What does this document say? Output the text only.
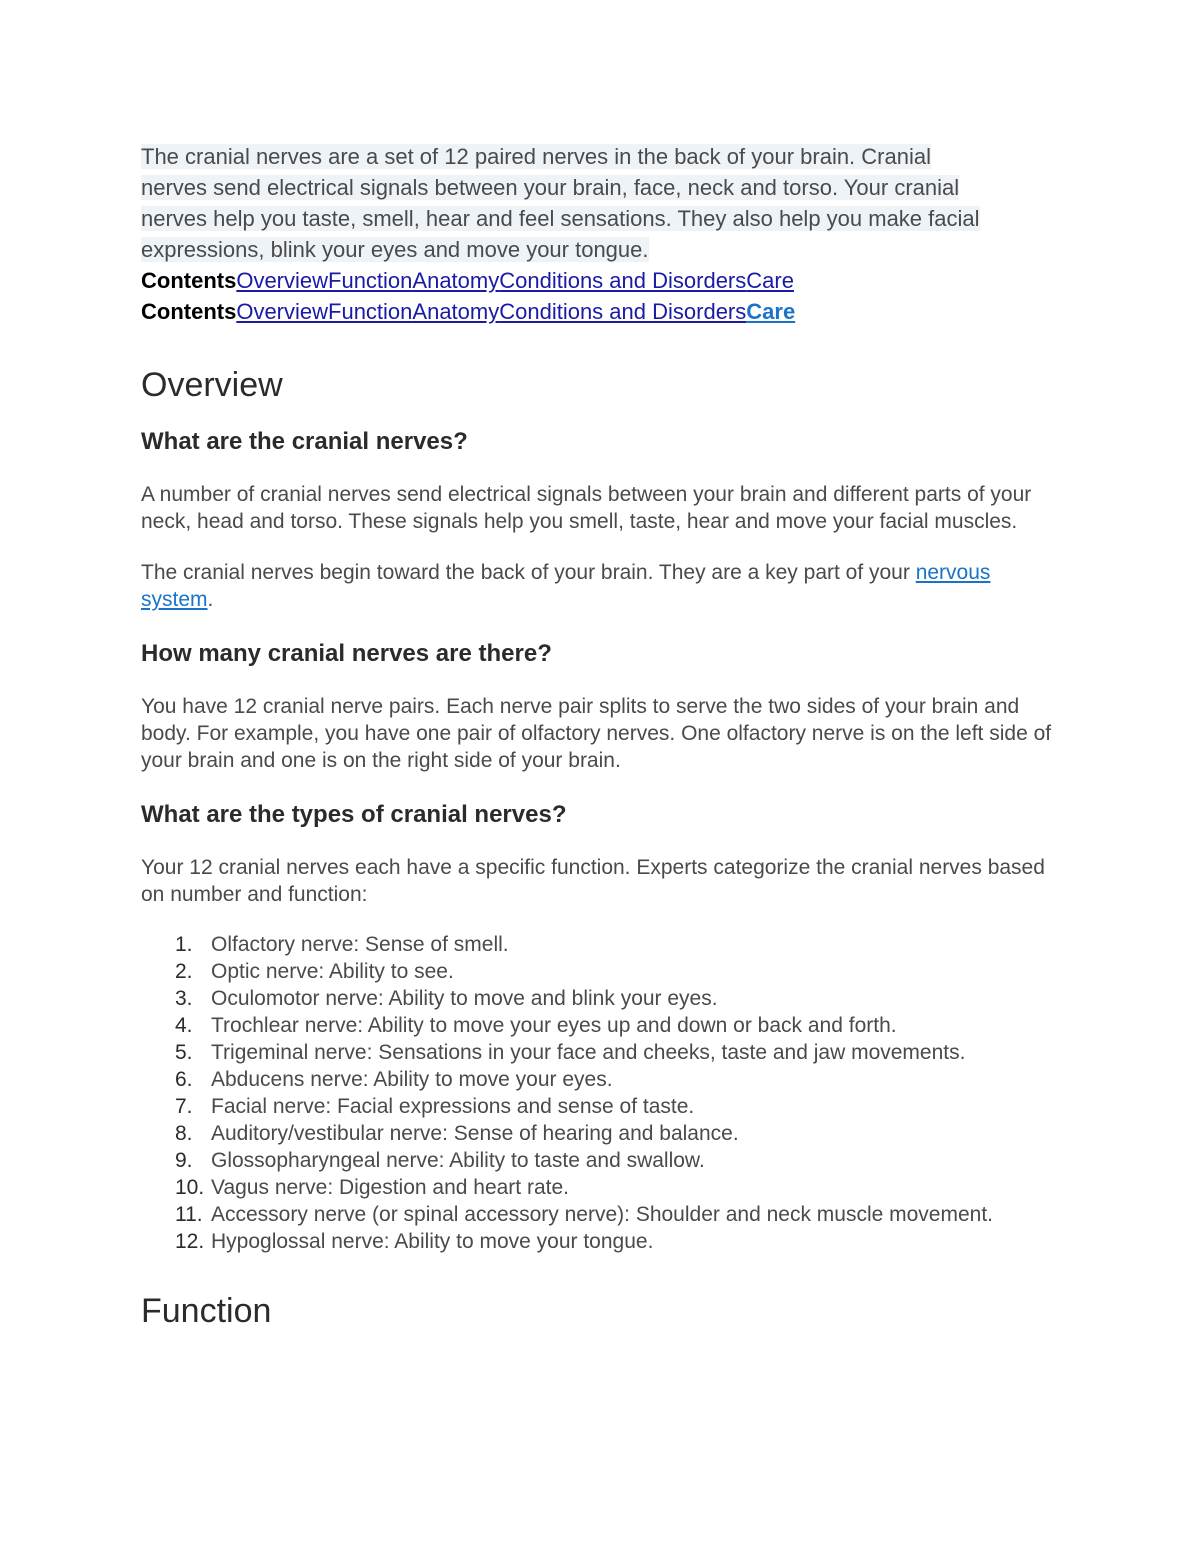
The cranial nerves are a set of 12 paired nerves in the back of your brain. Cranial
nerves send electrical signals between your brain, face, neck and torso. Your cranial
nerves help you taste, smell, hear and feel sensations. They also help you make facial
expressions, blink your eyes and move your tongue.
ContentsOverviewFunctionAnatomyConditions and DisordersCare
ContentsOverviewFunctionAnatomyConditions and DisordersCare
Overview
What are the cranial nerves?

A number of cranial nerves send electrical signals between your brain and different parts of your neck, head and torso. These signals help you smell, taste, hear and move your facial muscles.

The cranial nerves begin toward the back of your brain. They are a key part of your nervous system.

How many cranial nerves are there?

You have 12 cranial nerve pairs. Each nerve pair splits to serve the two sides of your brain and body. For example, you have one pair of olfactory nerves. One olfactory nerve is on the left side of your brain and one is on the right side of your brain.

What are the types of cranial nerves?

Your 12 cranial nerves each have a specific function. Experts categorize the cranial nerves based on number and function:

1. Olfactory nerve: Sense of smell.
2. Optic nerve: Ability to see.
3. Oculomotor nerve: Ability to move and blink your eyes.
4. Trochlear nerve: Ability to move your eyes up and down or back and forth.
5. Trigeminal nerve: Sensations in your face and cheeks, taste and jaw movements.
6. Abducens nerve: Ability to move your eyes.
7. Facial nerve: Facial expressions and sense of taste.
8. Auditory/vestibular nerve: Sense of hearing and balance.
9. Glossopharyngeal nerve: Ability to taste and swallow.
10. Vagus nerve: Digestion and heart rate.
11. Accessory nerve (or spinal accessory nerve): Shoulder and neck muscle movement.
12. Hypoglossal nerve: Ability to move your tongue.
Function
